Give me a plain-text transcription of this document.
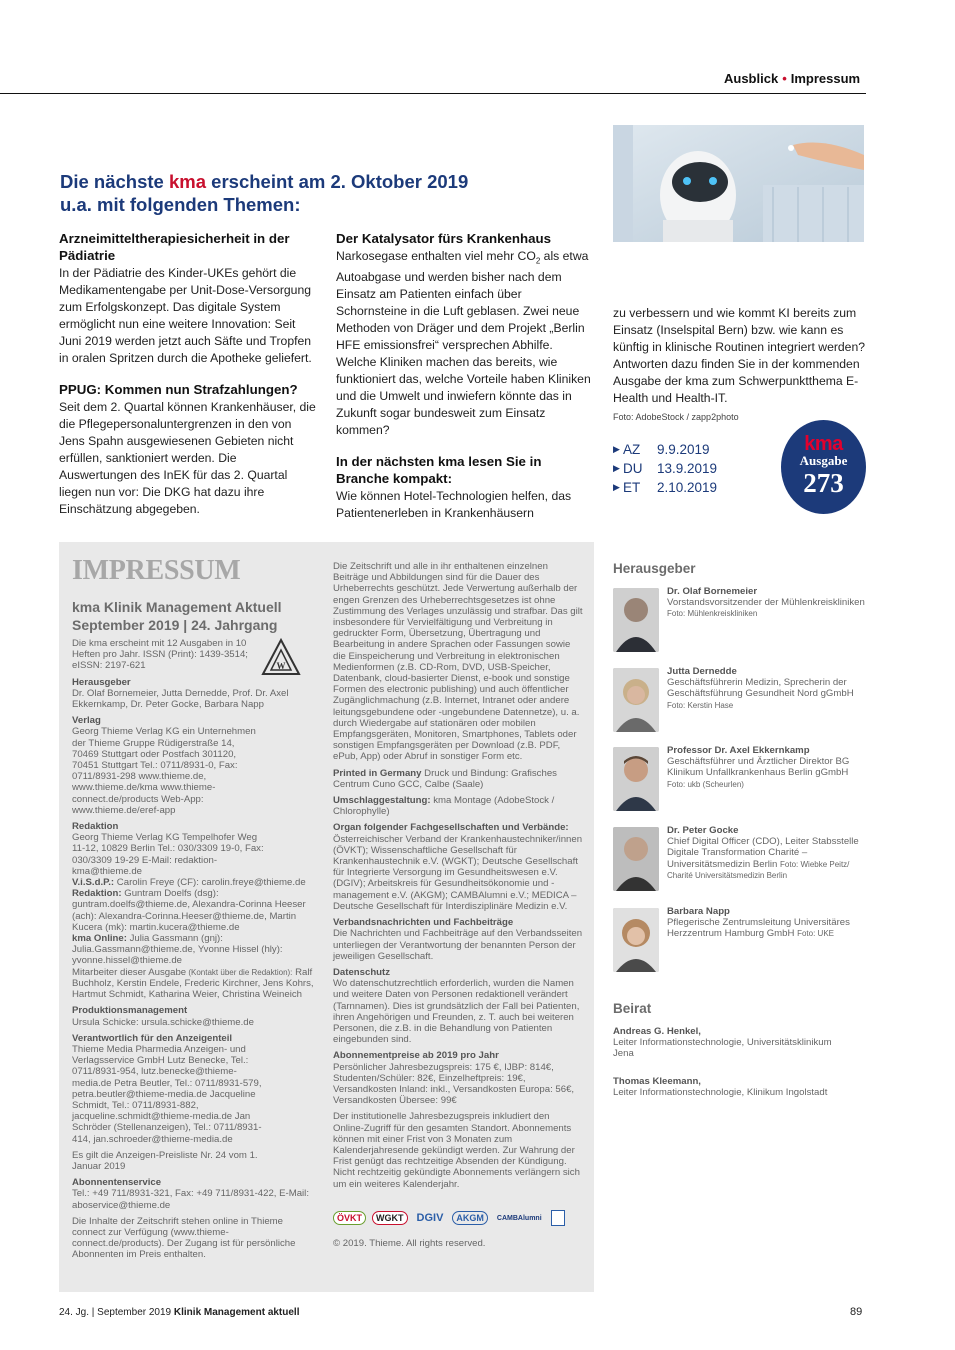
Ausblick • Impressum
Die nächste kma erscheint am 2. Oktober 2019
u.a. mit folgenden Themen:
Arzneimitteltherapiesicherheit in der Pädiatrie

In der Pädiatrie des Kinder-UKEs gehört die Medikamentengabe per Unit-Dose-Versorgung zum Erfolgskonzept. Das digitale System ermöglicht nun eine weitere Innovation: Seit Juni 2019 werden jetzt auch Säfte und Tropfen in oralen Spritzen durch die Apotheke geliefert.

PPUG: Kommen nun Strafzahlungen?

Seit dem 2. Quartal können Krankenhäuser, die die Pflegepersonaluntergrenzen in den von Jens Spahn ausgewiesenen Gebieten nicht erfüllen, sanktioniert werden. Die Auswertungen des InEK für das 2. Quartal liegen nun vor: Die DKG hat dazu ihre Einschätzung abgegeben.

Der Katalysator fürs Krankenhaus

Narkosegase enthalten viel mehr $CO_2$ als etwa Autoabgase und werden bisher nach dem Einsatz am Patienten einfach über Schornsteine in die Luft geblasen. Zwei neue Methoden von Dräger und dem Projekt „Berlin HFE emissionsfrei“ versprechen Abhilfe. Welche Kliniken machen das bereits, wie funktioniert das, welche Vorteile haben Kliniken und die Umwelt und inwiefern könnte das in Zukunft sogar bundesweit zum Einsatz kommen?

In der nächsten kma lesen Sie in Branche kompakt:

Wie können Hotel-Technologien helfen, das Patientenerleben in Krankenhäusern

zu verbessern und wie kommt KI bereits zum Einsatz (Inselspital Bern) bzw. wie kann es künftig in klinische Routinen integriert werden? Antworten dazu finden Sie in der kommenden Ausgabe der kma zum Schwerpunktthema E-Health und Health-IT.

Foto: AdobeStock / zapp2photo
▶ AZ	9.9.2019
▶ DU	13.9.2019
▶ ET	2.10.2019
kma
Ausgabe
273
IMPRESSUM
kma Klinik Management Aktuell
September 2019 | 24. Jahrgang
W
Die kma erscheint mit 12 Ausgaben in 10 Heften pro Jahr. ISSN (Print): 1439-3514; eISSN: 2197-621
Herausgeber
Dr. Olaf Bornemeier, Jutta Dernedde, Prof. Dr. Axel Ekkernkamp, Dr. Peter Gocke, Barbara Napp
Verlag
Georg Thieme Verlag KG ein Unternehmen der Thieme Gruppe Rüdigerstraße 14, 70469 Stuttgart oder Postfach 301120, 70451 Stuttgart Tel.: 0711/8931-0, Fax: 0711/8931-298 www.thieme.de, www.thieme.de/kma www.thieme-connect.de/products Web-App: www.thieme.de/eref-app
Redaktion
Georg Thieme Verlag KG Tempelhofer Weg 11-12, 10829 Berlin Tel.: 030/3309 19-0, Fax: 030/3309 19-29 E-Mail: redaktion-kma@thieme.de
V.i.S.d.P.: Carolin Freye (CF): carolin.freye@thieme.de
Redaktion: Guntram Doelfs (dsg): guntram.doelfs@thieme.de, Alexandra-Corinna Heeser (ach): Alexandra-Corinna.Heeser@thieme.de, Martin Kucera (mk): martin.kucera@thieme.de
kma Online: Julia Gassmann (gnj): Julia.Gassmann@thieme.de, Yvonne Hissel (hly): yvonne.hissel@thieme.de
Mitarbeiter dieser Ausgabe (Kontakt über die Redaktion): Ralf Buchholz, Kerstin Endele, Frederic Kirchner, Jens Kohrs, Hartmut Schmidt, Katharina Weier, Christina Weineich
Produktionsmanagement
Ursula Schicke: ursula.schicke@thieme.de
Verantwortlich für den Anzeigenteil
Thieme Media Pharmedia Anzeigen- und Verlagsservice GmbH Lutz Benecke, Tel.: 0711/8931-954, lutz.benecke@thieme-media.de Petra Beutler, Tel.: 0711/8931-579, petra.beutler@thieme-media.de Jacqueline Schmidt, Tel.: 0711/8931-882, jacqueline.schmidt@thieme-media.de Jan Schröder (Stellenanzeigen), Tel.: 0711/8931-414, jan.schroeder@thieme-media.de
Es gilt die Anzeigen-Preisliste Nr. 24 vom 1. Januar 2019
Abonnentenservice
Tel.: +49 711/8931-321, Fax: +49 711/8931-422, E-Mail: aboservice@thieme.de
Die Inhalte der Zeitschrift stehen online in Thieme connect zur Verfügung (www.thieme-connect.de/products). Der Zugang ist für persönliche Abonnenten im Preis enthalten.
Die Zeitschrift und alle in ihr enthaltenen einzelnen Beiträge und Abbildungen sind für die Dauer des Urheberrechts geschützt. Jede Verwertung außerhalb der engen Grenzen des Urheberrechtsgesetzes ist ohne Zustimmung des Verlages unzulässig und strafbar. Das gilt insbesondere für Vervielfältigung und Verbreitung in gedruckter Form, Übersetzung, Übertragung und Bearbeitung in andere Sprachen oder Fassungen sowie die Einspeicherung und Verbreitung in elektronischen Medienformen (z.B. CD-Rom, DVD, USB-Speicher, Datenbank, cloud-basierter Dienst, e-book und sonstige Formen des electronic publishing) und auch öffentlicher Zugänglichmachung (z.B. Internet, Intranet oder andere leitungsgebundene oder -ungebundene Datennetze), u. a. durch Wiedergabe auf stationären oder mobilen Empfangsgeräten, Monitoren, Smartphones, Tablets oder sonstigen Empfangsgeräten per Download (z.B. PDF, ePub, App) oder Abruf in sonstiger Form etc.
Printed in Germany Druck und Bindung: Grafisches Centrum Cuno GCC, Calbe (Saale)
Umschlaggestaltung: kma Montage (AdobeStock / Chlorophylle)
Organ folgender Fachgesellschaften und Verbände:
Österreichischer Verband der Krankenhaustechniker/innen (ÖVKT); Wissenschaftliche Gesellschaft für Krankenhaustechnik e.V. (WGKT); Deutsche Gesellschaft für Integrierte Versorgung im Gesundheitswesen e.V. (DGIV); Arbeitskreis für Gesundheitsökonomie und -management e.V. (AKGM); CAMBAlumni e.V.; MEDICA – Deutsche Gesellschaft für Interdisziplinäre Medizin e.V.
Verbandsnachrichten und Fachbeiträge
Die Nachrichten und Fachbeiträge auf den Verbandsseiten unterliegen der Verantwortung der benannten Person der jeweiligen Gesellschaft.
Datenschutz
Wo datenschutzrechtlich erforderlich, wurden die Namen und weitere Daten von Personen redaktionell verändert (Tarnnamen). Dies ist grundsätzlich der Fall bei Patienten, ihren Angehörigen und Freunden, z. T. auch bei weiteren Personen, die z.B. in die Behandlung von Patienten eingebunden sind.
Abonnementpreise ab 2019 pro Jahr
Persönlicher Jahresbezugspreis: 175 €, IJBP: 814€, Studenten/Schüler: 82€, Einzelheftpreis: 19€, Versandkosten Inland: inkl., Versandkosten Europa: 56€, Versandkosten Übersee: 99€
Der institutionelle Jahresbezugspreis inkludiert den Online-Zugriff für den gesamten Standort. Abonnements können mit einer Frist von 3 Monaten zum Kalenderjahresende gekündigt werden. Zur Wahrung der Frist genügt das rechtzeitige Absenden der Kündigung. Nicht rechtzeitig gekündigte Abonnements verlängern sich um ein weiteres Kalenderjahr.
ÖVKT	WGKT	DGIV	AKGM	CAMBAlumni
© 2019. Thieme. All rights reserved.
Herausgeber
Dr. Olaf Bornemeier
Vorstandsvorsitzender der Mühlenkreiskliniken Foto: Mühlenkreiskliniken
Jutta Dernedde
Geschäftsführerin Medizin, Sprecherin der Geschäftsführung Gesundheit Nord gGmbH Foto: Kerstin Hase
Professor Dr. Axel Ekkernkamp
Geschäftsführer und Ärztlicher Direktor BG Klinikum Unfallkrankenhaus Berlin gGmbH Foto: ukb (Scheurlen)
Dr. Peter Gocke
Chief Digital Officer (CDO), Leiter Stabsstelle Digitale Transformation Charité – Universitätsmedizin Berlin Foto: Wiebke Peitz/ Charité Universitätsmedizin Berlin
Barbara Napp
Pflegerische Zentrumsleitung Universitäres Herzzentrum Hamburg GmbH Foto: UKE
Beirat
Andreas G. Henkel,
Leiter Informationstechnologie, Universitätsklinikum Jena
Thomas Kleemann,
Leiter Informationstechnologie, Klinikum Ingolstadt
24. Jg. | September 2019 Klinik Management aktuell	89
